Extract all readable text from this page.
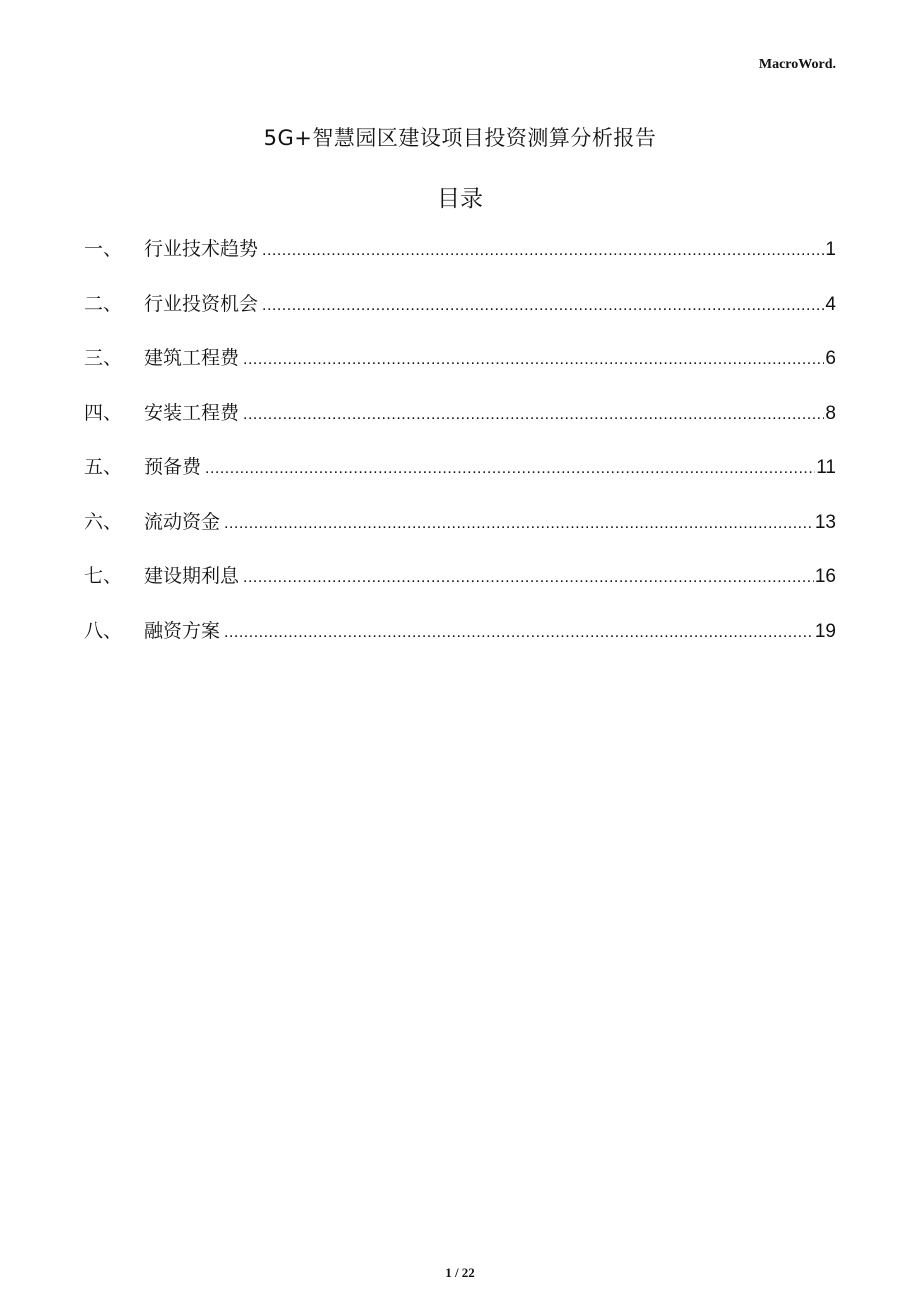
MacroWord.
5G+智慧园区建设项目投资测算分析报告
目录
一、	行业技术趋势 .....	1
二、	行业投资机会 .....	4
三、	建筑工程费 .....	6
四、	安装工程费 .....	8
五、	预备费 .....	11
六、	流动资金 .....	13
七、	建设期利息 .....	16
八、	融资方案 .....	19
1 / 22
